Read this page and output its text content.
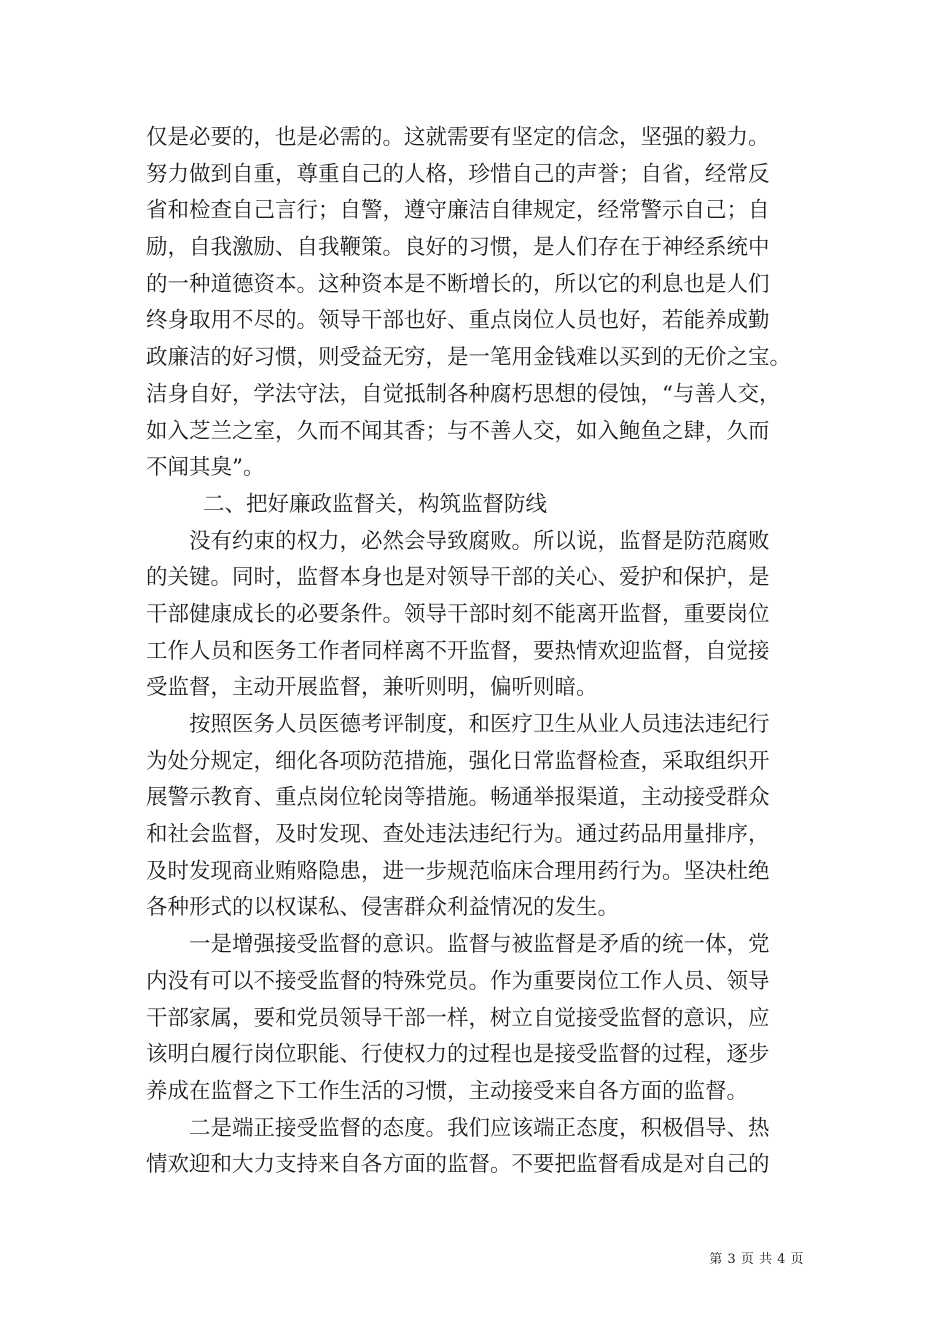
仅是必要的，也是必需的。这就需要有坚定的信念，坚强的毅力。
努力做到自重，尊重自己的人格，珍惜自己的声誉；自省，经常反
省和检查自己言行；自警，遵守廉洁自律规定，经常警示自己；自
励，自我激励、自我鞭策。良好的习惯，是人们存在于神经系统中
的一种道德资本。这种资本是不断增长的，所以它的利息也是人们
终身取用不尽的。领导干部也好、重点岗位人员也好，若能养成勤
政廉洁的好习惯，则受益无穷，是一笔用金钱难以买到的无价之宝。
洁身自好，学法守法，自觉抵制各种腐朽思想的侵蚀，“与善人交，
如入芝兰之室，久而不闻其香；与不善人交，如入鲍鱼之肆，久而
不闻其臭”。
二、把好廉政监督关，构筑监督防线
没有约束的权力，必然会导致腐败。所以说，监督是防范腐败
的关键。同时，监督本身也是对领导干部的关心、爱护和保护，是
干部健康成长的必要条件。领导干部时刻不能离开监督，重要岗位
工作人员和医务工作者同样离不开监督，要热情欢迎监督，自觉接
受监督，主动开展监督，兼听则明，偏听则暗。
按照医务人员医德考评制度，和医疗卫生从业人员违法违纪行
为处分规定，细化各项防范措施，强化日常监督检查，采取组织开
展警示教育、重点岗位轮岗等措施。畅通举报渠道，主动接受群众
和社会监督，及时发现、查处违法违纪行为。通过药品用量排序，
及时发现商业贿赂隐患，进一步规范临床合理用药行为。坚决杜绝
各种形式的以权谋私、侵害群众利益情况的发生。
一是增强接受监督的意识。监督与被监督是矛盾的统一体，党
内没有可以不接受监督的特殊党员。作为重要岗位工作人员、领导
干部家属，要和党员领导干部一样，树立自觉接受监督的意识，应
该明白履行岗位职能、行使权力的过程也是接受监督的过程，逐步
养成在监督之下工作生活的习惯，主动接受来自各方面的监督。
二是端正接受监督的态度。我们应该端正态度，积极倡导、热
情欢迎和大力支持来自各方面的监督。不要把监督看成是对自己的
第 3 页 共 4 页
